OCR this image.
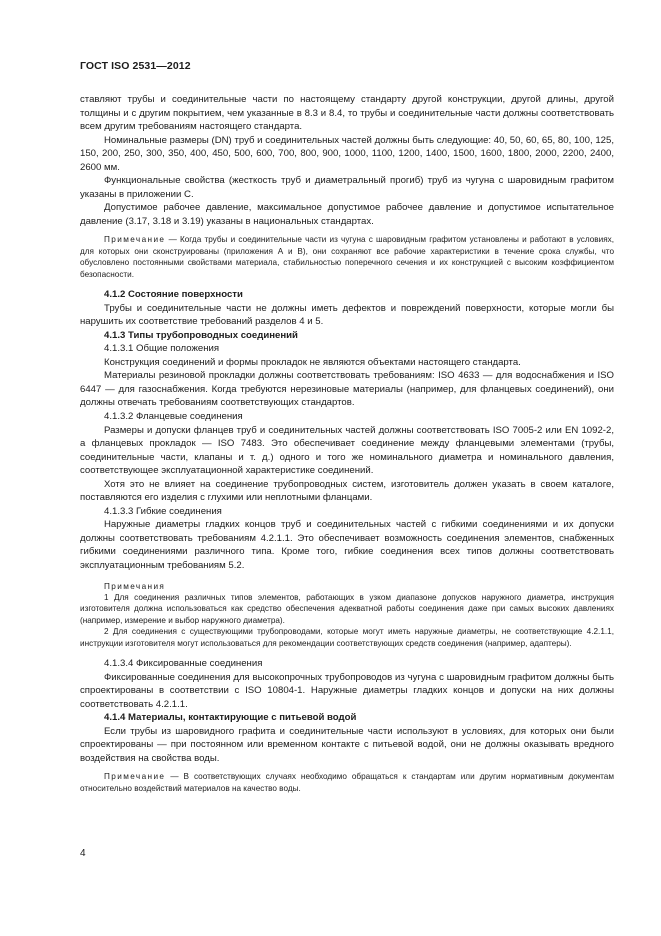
ГОСТ ISO 2531—2012

ставляют трубы и соединительные части по настоящему стандарту другой конструкции, другой длины, другой толщины и с другим покрытием, чем указанные в 8.3 и 8.4, то трубы и соединительные части должны соответствовать всем другим требованиям настоящего стандарта.

Номинальные размеры (DN) труб и соединительных частей должны быть следующие: 40, 50, 60, 65, 80, 100, 125, 150, 200, 250, 300, 350, 400, 450, 500, 600, 700, 800, 900, 1000, 1100, 1200, 1400, 1500, 1600, 1800, 2000, 2200, 2400, 2600 мм.

Функциональные свойства (жесткость труб и диаметральный прогиб) труб из чугуна с шаровидным графитом указаны в приложении С.

Допустимое рабочее давление, максимальное допустимое рабочее давление и допустимое испытательное давление (3.17, 3.18 и 3.19) указаны в национальных стандартах.

Примечание — Когда трубы и соединительные части из чугуна с шаровидным графитом установлены и работают в условиях, для которых они сконструированы (приложения А и В), они сохраняют все рабочие характеристики в течение срока службы, что обусловлено постоянными свойствами материала, стабильностью поперечного сечения и их конструкцией с высоким коэффициентом безопасности.

4.1.2 Состояние поверхности

Трубы и соединительные части не должны иметь дефектов и повреждений поверхности, которые могли бы нарушить их соответствие требований разделов 4 и 5.

4.1.3 Типы трубопроводных соединений

4.1.3.1 Общие положения

Конструкция соединений и формы прокладок не являются объектами настоящего стандарта.

Материалы резиновой прокладки должны соответствовать требованиям: ISO 4633 — для водоснабжения и ISO 6447 — для газоснабжения. Когда требуются нерезиновые материалы (например, для фланцевых соединений), они должны отвечать требованиям соответствующих стандартов.

4.1.3.2 Фланцевые соединения

Размеры и допуски фланцев труб и соединительных частей должны соответствовать ISO 7005-2 или EN 1092-2, а фланцевых прокладок — ISO 7483. Это обеспечивает соединение между фланцевыми элементами (трубы, соединительные части, клапаны и т. д.) одного и того же номинального диаметра и номинального давления, соответствующее эксплуатационной характеристике соединений.

Хотя это не влияет на соединение трубопроводных систем, изготовитель должен указать в своем каталоге, поставляются его изделия с глухими или неплотными фланцами.

4.1.3.3 Гибкие соединения

Наружные диаметры гладких концов труб и соединительных частей с гибкими соединениями и их допуски должны соответствовать требованиям 4.2.1.1. Это обеспечивает возможность соединения элементов, снабженных гибкими соединениями различного типа. Кроме того, гибкие соединения всех типов должны соответствовать эксплуатационным требованиям 5.2.

Примечания

1 Для соединения различных типов элементов, работающих в узком диапазоне допусков наружного диаметра, инструкция изготовителя должна использоваться как средство обеспечения адекватной работы соединения даже при самых высоких давлениях (например, измерение и выбор наружного диаметра).

2 Для соединения с существующими трубопроводами, которые могут иметь наружные диаметры, не соответствующие 4.2.1.1, инструкции изготовителя могут использоваться для рекомендации соответствующих средств соединения (например, адаптеры).

4.1.3.4 Фиксированные соединения

Фиксированные соединения для высокопрочных трубопроводов из чугуна с шаровидным графитом должны быть спроектированы в соответствии с ISO 10804-1. Наружные диаметры гладких концов и допуски на них должны соответствовать 4.2.1.1.

4.1.4 Материалы, контактирующие с питьевой водой

Если трубы из шаровидного графита и соединительные части используют в условиях, для которых они были спроектированы — при постоянном или временном контакте с питьевой водой, они не должны оказывать вредного воздействия на свойства воды.

Примечание — В соответствующих случаях необходимо обращаться к стандартам или другим нормативным документам относительно воздействий материалов на качество воды.

4
